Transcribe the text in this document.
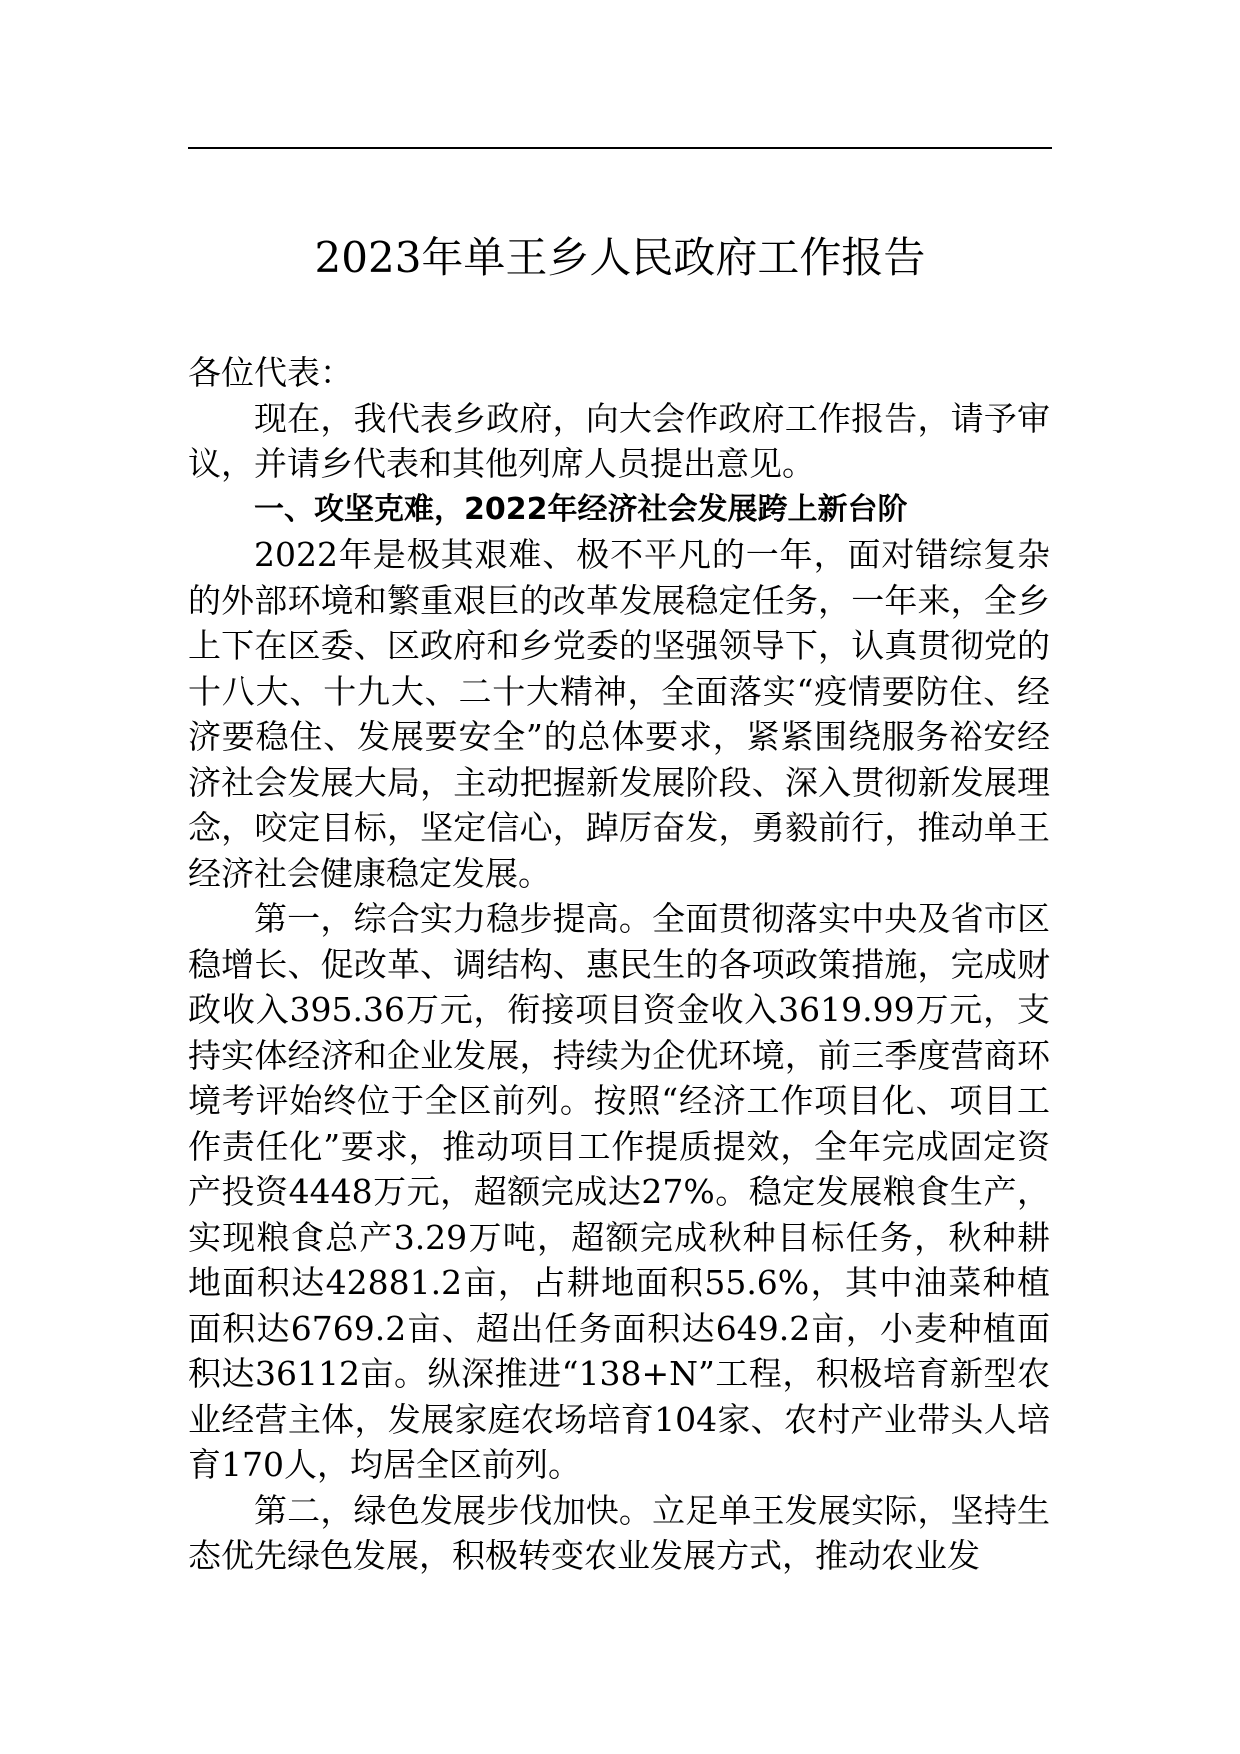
2023年单王乡人民政府工作报告

各位代表：

现在，我代表乡政府，向大会作政府工作报告，请予审议，并请乡代表和其他列席人员提出意见。

一、攻坚克难，2022年经济社会发展跨上新台阶

2022年是极其艰难、极不平凡的一年，面对错综复杂的外部环境和繁重艰巨的改革发展稳定任务，一年来，全乡上下在区委、区政府和乡党委的坚强领导下，认真贯彻党的十八大、十九大、二十大精神，全面落实“疫情要防住、经济要稳住、发展要安全”的总体要求，紧紧围绕服务裕安经济社会发展大局，主动把握新发展阶段、深入贯彻新发展理念，咬定目标，坚定信心，踔厉奋发，勇毅前行，推动单王经济社会健康稳定发展。

第一，综合实力稳步提高。全面贯彻落实中央及省市区稳增长、促改革、调结构、惠民生的各项政策措施，完成财政收入395.36万元，衔接项目资金收入3619.99万元，支持实体经济和企业发展，持续为企优环境，前三季度营商环境考评始终位于全区前列。按照“经济工作项目化、项目工作责任化”要求，推动项目工作提质提效，全年完成固定资产投资4448万元，超额完成达27%。稳定发展粮食生产，实现粮食总产3.29万吨，超额完成秋种目标任务，秋种耕地面积达42881.2亩，占耕地面积55.6%，其中油菜种植面积达6769.2亩、超出任务面积达649.2亩，小麦种植面积达36112亩。纵深推进“138+N”工程，积极培育新型农业经营主体，发展家庭农场培育104家、农村产业带头人培育170人，均居全区前列。

第二，绿色发展步伐加快。立足单王发展实际，坚持生态优先绿色发展，积极转变农业发展方式，推动农业发
